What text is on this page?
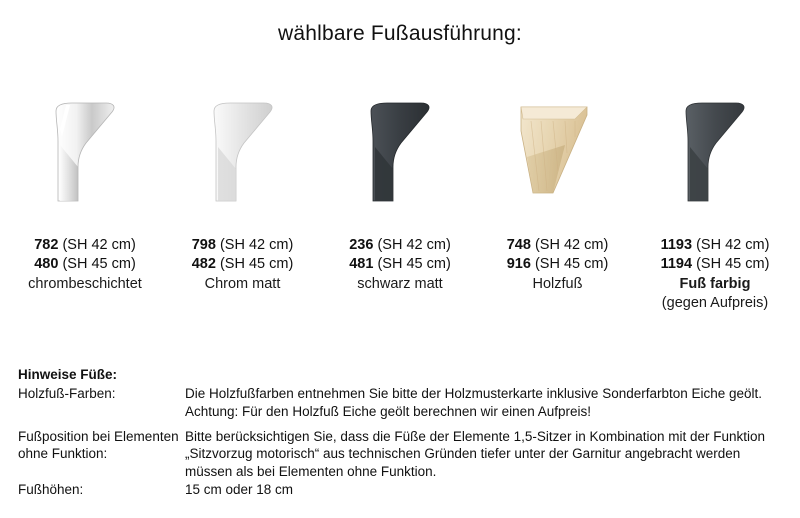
wählbare Fußausführung:
782 (SH 42 cm)
480 (SH 45 cm)
chrombeschichtet
798 (SH 42 cm)
482 (SH 45 cm)
Chrom matt
236 (SH 42 cm)
481 (SH 45 cm)
schwarz matt
748 (SH 42 cm)
916 (SH 45 cm)
Holzfuß
1193 (SH 42 cm)
1194 (SH 45 cm)
Fuß farbig
(gegen Aufpreis)
Hinweise Füße:
Holzfuß-Farben:	Die Holzfußfarben entnehmen Sie bitte der Holzmusterkarte inklusive Sonderfarbton Eiche geölt.
Achtung: Für den Holzfuß Eiche geölt berechnen wir einen Aufpreis!
Fußposition bei Elementen ohne Funktion:
Bitte berücksichtigen Sie, dass die Füße der Elemente 1,5-Sitzer in Kombination mit der Funktion „Sitzvorzug motorisch“ aus technischen Gründen tiefer unter der Garnitur angebracht werden müssen als bei Elementen ohne Funktion.
Fußhöhen:	15 cm oder 18 cm
